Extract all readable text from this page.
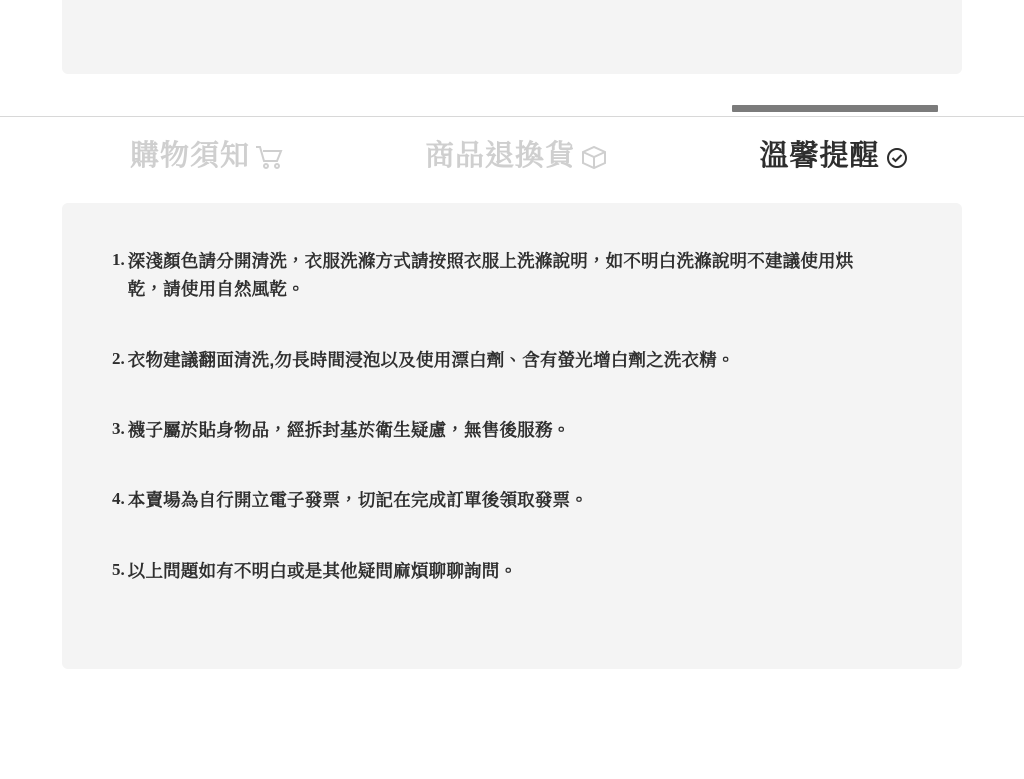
購物須知	商品退換貨	溫馨提醒
1. 深淺顏色請分開清洗，衣服洗滌方式請按照衣服上洗滌說明，如不明白洗滌說明不建議使用烘乾，請使用自然風乾。
2. 衣物建議翻面清洗,勿長時間浸泡以及使用漂白劑、含有螢光增白劑之洗衣精。
3. 襪子屬於貼身物品，經拆封基於衛生疑慮，無售後服務。
4. 本賣場為自行開立電子發票，切記在完成訂單後領取發票。
5. 以上問題如有不明白或是其他疑問麻煩聊聊詢問。
